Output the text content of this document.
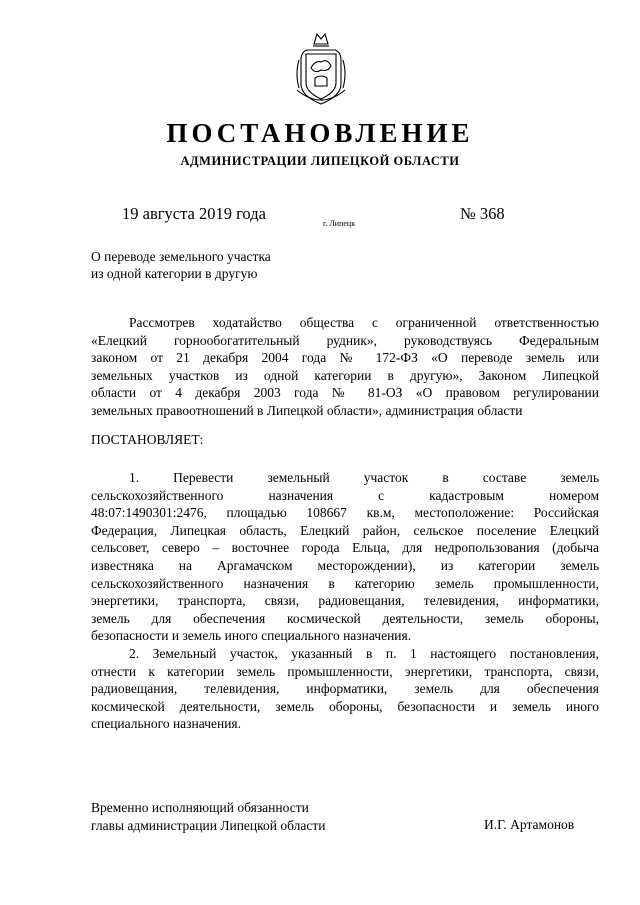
ПОСТАНОВЛЕНИЕ
АДМИНИСТРАЦИИ ЛИПЕЦКОЙ ОБЛАСТИ
19 августа 2019 года
г. Липецк
№ 368
О переводе земельного участка
из одной категории в другую
Рассмотрев ходатайство общества с ограниченной ответственностью
«Елецкий горнообогатительный рудник», руководствуясь Федеральным
законом от 21 декабря 2004 года № 172-ФЗ «О переводе земель или
земельных участков из одной категории в другую», Законом Липецкой
области от 4 декабря 2003 года № 81-ОЗ «О правовом регулировании
земельных правоотношений в Липецкой области», администрация области
ПОСТАНОВЛЯЕТ:
1. Перевести земельный участок в составе земель
сельскохозяйственного назначения с кадастровым номером
48:07:1490301:2476, площадью 108667 кв.м, местоположение: Российская
Федерация, Липецкая область, Елецкий район, сельское поселение Елецкий
сельсовет, северо – восточнее города Ельца, для недропользования (добыча
известняка на Аргамачском месторождении), из категории земель
сельскохозяйственного назначения в категорию земель промышленности,
энергетики, транспорта, связи, радиовещания, телевидения, информатики,
земель для обеспечения космической деятельности, земель обороны,
безопасности и земель иного специального назначения.
2. Земельный участок, указанный в п. 1 настоящего постановления,
отнести к категории земель промышленности, энергетики, транспорта, связи,
радиовещания, телевидения, информатики, земель для обеспечения
космической деятельности, земель обороны, безопасности и земель иного
специального назначения.
Временно исполняющий обязанности
главы администрации Липецкой области	И.Г. Артамонов
